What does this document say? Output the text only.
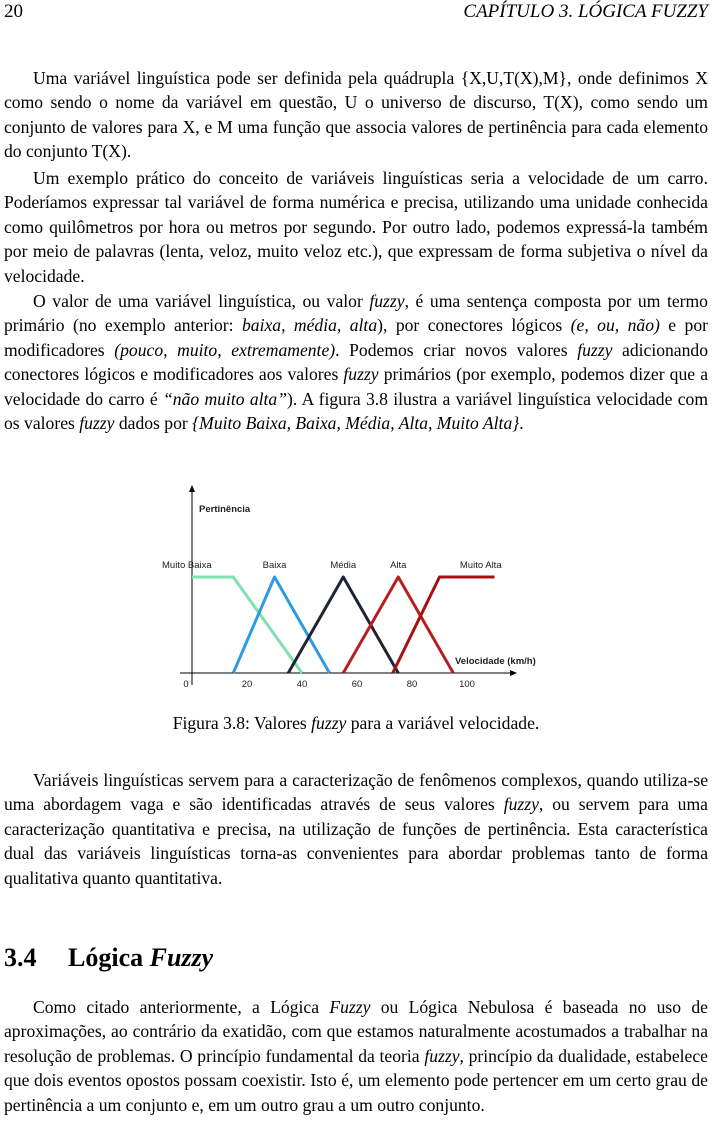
20	CAPÍTULO 3. LÓGICA FUZZY

Uma variável linguística pode ser definida pela quádrupla {X,U,T(X),M}, onde definimos X como sendo o nome da variável em questão, U o universo de discurso, T(X), como sendo um conjunto de valores para X, e M uma função que associa valores de pertinência para cada elemento do conjunto T(X).

Um exemplo prático do conceito de variáveis linguísticas seria a velocidade de um carro. Poderíamos expressar tal variável de forma numérica e precisa, utilizando uma unidade conhecida como quilômetros por hora ou metros por segundo. Por outro lado, podemos expressá-la também por meio de palavras (lenta, veloz, muito veloz etc.), que expressam de forma subjetiva o nível da velocidade.

O valor de uma variável linguística, ou valor fuzzy, é uma sentença composta por um termo primário (no exemplo anterior: baixa, média, alta), por conectores lógicos (e, ou, não) e por modificadores (pouco, muito, extremamente). Podemos criar novos valores fuzzy adicionando conectores lógicos e modificadores aos valores fuzzy primários (por exemplo, podemos dizer que a velocidade do carro é “não muito alta”). A figura 3.8 ilustra a variável linguística velocidade com os valores fuzzy dados por {Muito Baixa, Baixa, Média, Alta, Muito Alta}.

Pertinência
Velocidade (km/h)
Muito Baixa	Baixa	Média	Alta	Muito Alta
0	20	40	60	80	100
Figura 3.8: Valores fuzzy para a variável velocidade.

Variáveis linguísticas servem para a caracterização de fenômenos complexos, quando utiliza-se uma abordagem vaga e são identificadas através de seus valores fuzzy, ou servem para uma caracterização quantitativa e precisa, na utilização de funções de pertinência. Esta característica dual das variáveis linguísticas torna-as convenientes para abordar problemas tanto de forma qualitativa quanto quantitativa.

3.4 Lógica Fuzzy

Como citado anteriormente, a Lógica Fuzzy ou Lógica Nebulosa é baseada no uso de aproximações, ao contrário da exatidão, com que estamos naturalmente acostumados a trabalhar na resolução de problemas. O princípio fundamental da teoria fuzzy, princípio da dualidade, estabelece que dois eventos opostos possam coexistir. Isto é, um elemento pode pertencer em um certo grau de pertinência a um conjunto e, em um outro grau a um outro conjunto.
